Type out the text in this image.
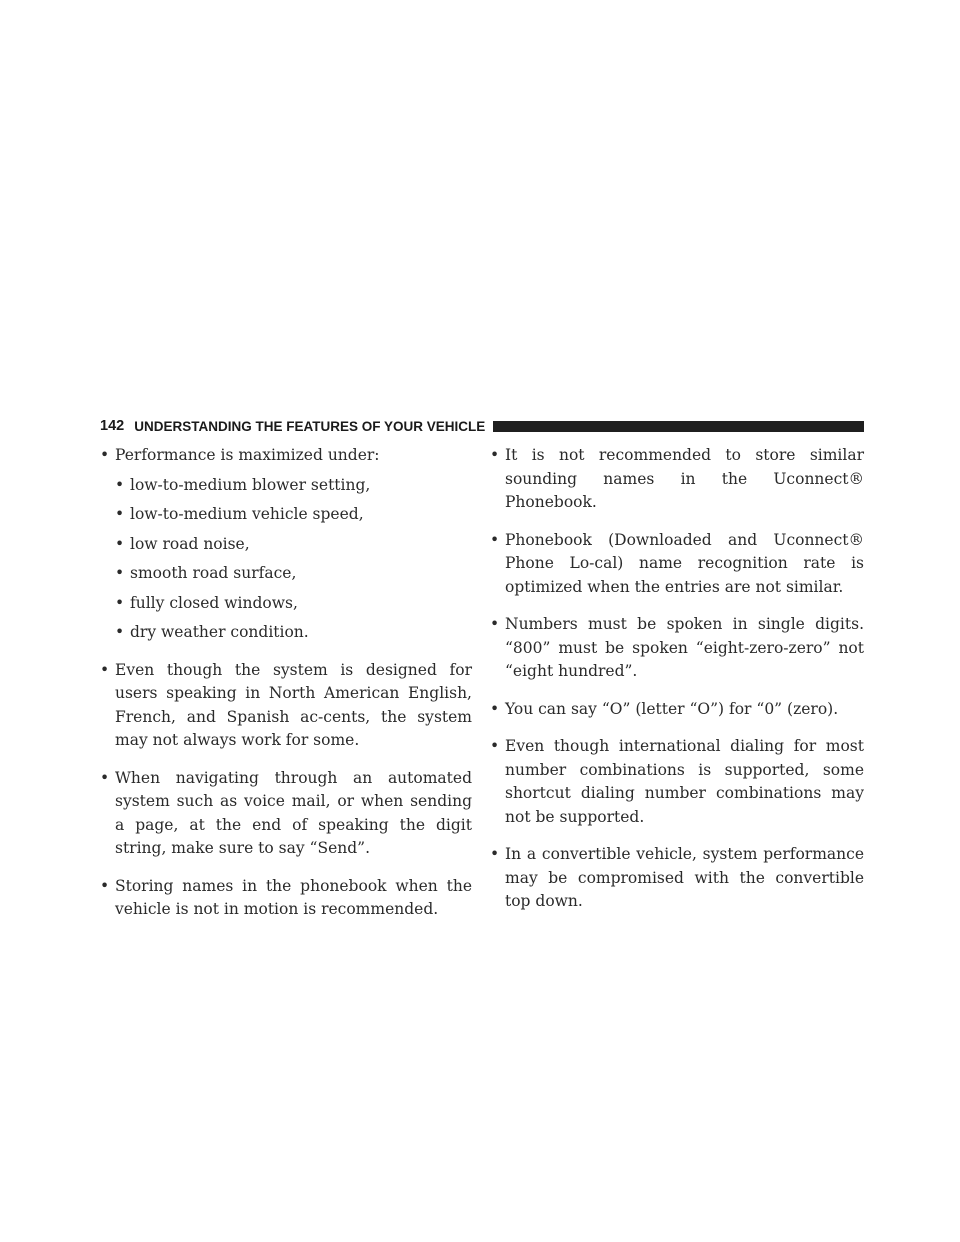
142 UNDERSTANDING THE FEATURES OF YOUR VEHICLE
• Performance is maximized under:
• low-to-medium blower setting,
• low-to-medium vehicle speed,
• low road noise,
• smooth road surface,
• fully closed windows,
• dry weather condition.
• Even though the system is designed for users speaking in North American English, French, and Spanish ac-cents, the system may not always work for some.
• When navigating through an automated system such as voice mail, or when sending a page, at the end of speaking the digit string, make sure to say “Send”.
• Storing names in the phonebook when the vehicle is not in motion is recommended.
• It is not recommended to store similar sounding names in the Uconnect® Phonebook.
• Phonebook (Downloaded and Uconnect® Phone Lo-cal) name recognition rate is optimized when the entries are not similar.
• Numbers must be spoken in single digits. “800” must be spoken “eight-zero-zero” not “eight hundred”.
• You can say “O” (letter “O”) for “0” (zero).
• Even though international dialing for most number combinations is supported, some shortcut dialing number combinations may not be supported.
• In a convertible vehicle, system performance may be compromised with the convertible top down.
